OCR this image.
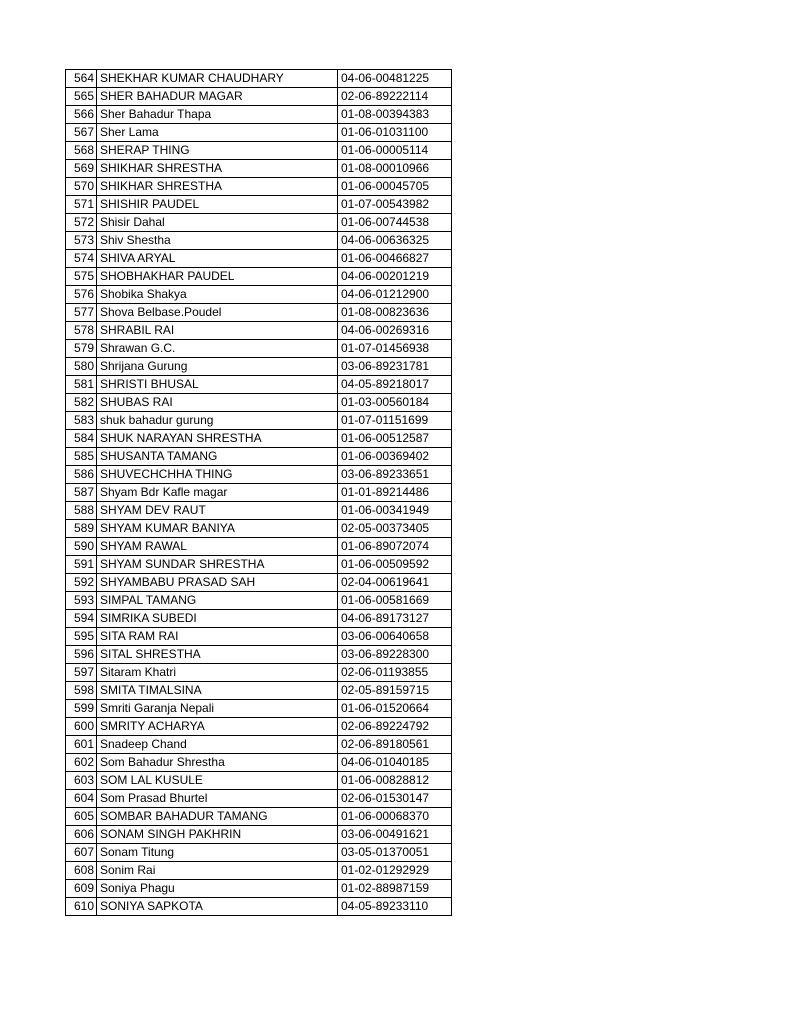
564	SHEKHAR KUMAR CHAUDHARY	04-06-00481225
565	SHER BAHADUR MAGAR	02-06-89222114
566	Sher Bahadur Thapa	01-08-00394383
567	Sher Lama	01-06-01031100
568	SHERAP THING	01-06-00005114
569	SHIKHAR SHRESTHA	01-08-00010966
570	SHIKHAR SHRESTHA	01-06-00045705
571	SHISHIR PAUDEL	01-07-00543982
572	Shisir Dahal	01-06-00744538
573	Shiv Shestha	04-06-00636325
574	SHIVA ARYAL	01-06-00466827
575	SHOBHAKHAR PAUDEL	04-06-00201219
576	Shobika Shakya	04-06-01212900
577	Shova Belbase.Poudel	01-08-00823636
578	SHRABIL RAI	04-06-00269316
579	Shrawan G.C.	01-07-01456938
580	Shrijana Gurung	03-06-89231781
581	SHRISTI BHUSAL	04-05-89218017
582	SHUBAS RAI	01-03-00560184
583	shuk bahadur gurung	01-07-01151699
584	SHUK NARAYAN SHRESTHA	01-06-00512587
585	SHUSANTA TAMANG	01-06-00369402
586	SHUVECHCHHA THING	03-06-89233651
587	Shyam Bdr Kafle magar	01-01-89214486
588	SHYAM DEV RAUT	01-06-00341949
589	SHYAM KUMAR BANIYA	02-05-00373405
590	SHYAM RAWAL	01-06-89072074
591	SHYAM SUNDAR SHRESTHA	01-06-00509592
592	SHYAMBABU PRASAD SAH	02-04-00619641
593	SIMPAL TAMANG	01-06-00581669
594	SIMRIKA SUBEDI	04-06-89173127
595	SITA RAM RAI	03-06-00640658
596	SITAL SHRESTHA	03-06-89228300
597	Sitaram Khatri	02-06-01193855
598	SMITA TIMALSINA	02-05-89159715
599	Smriti Garanja Nepali	01-06-01520664
600	SMRITY ACHARYA	02-06-89224792
601	Snadeep Chand	02-06-89180561
602	Som Bahadur Shrestha	04-06-01040185
603	SOM LAL KUSULE	01-06-00828812
604	Som Prasad Bhurtel	02-06-01530147
605	SOMBAR BAHADUR TAMANG	01-06-00068370
606	SONAM SINGH PAKHRIN	03-06-00491621
607	Sonam Titung	03-05-01370051
608	Sonim Rai	01-02-01292929
609	Soniya Phagu	01-02-88987159
610	SONIYA SAPKOTA	04-05-89233110
